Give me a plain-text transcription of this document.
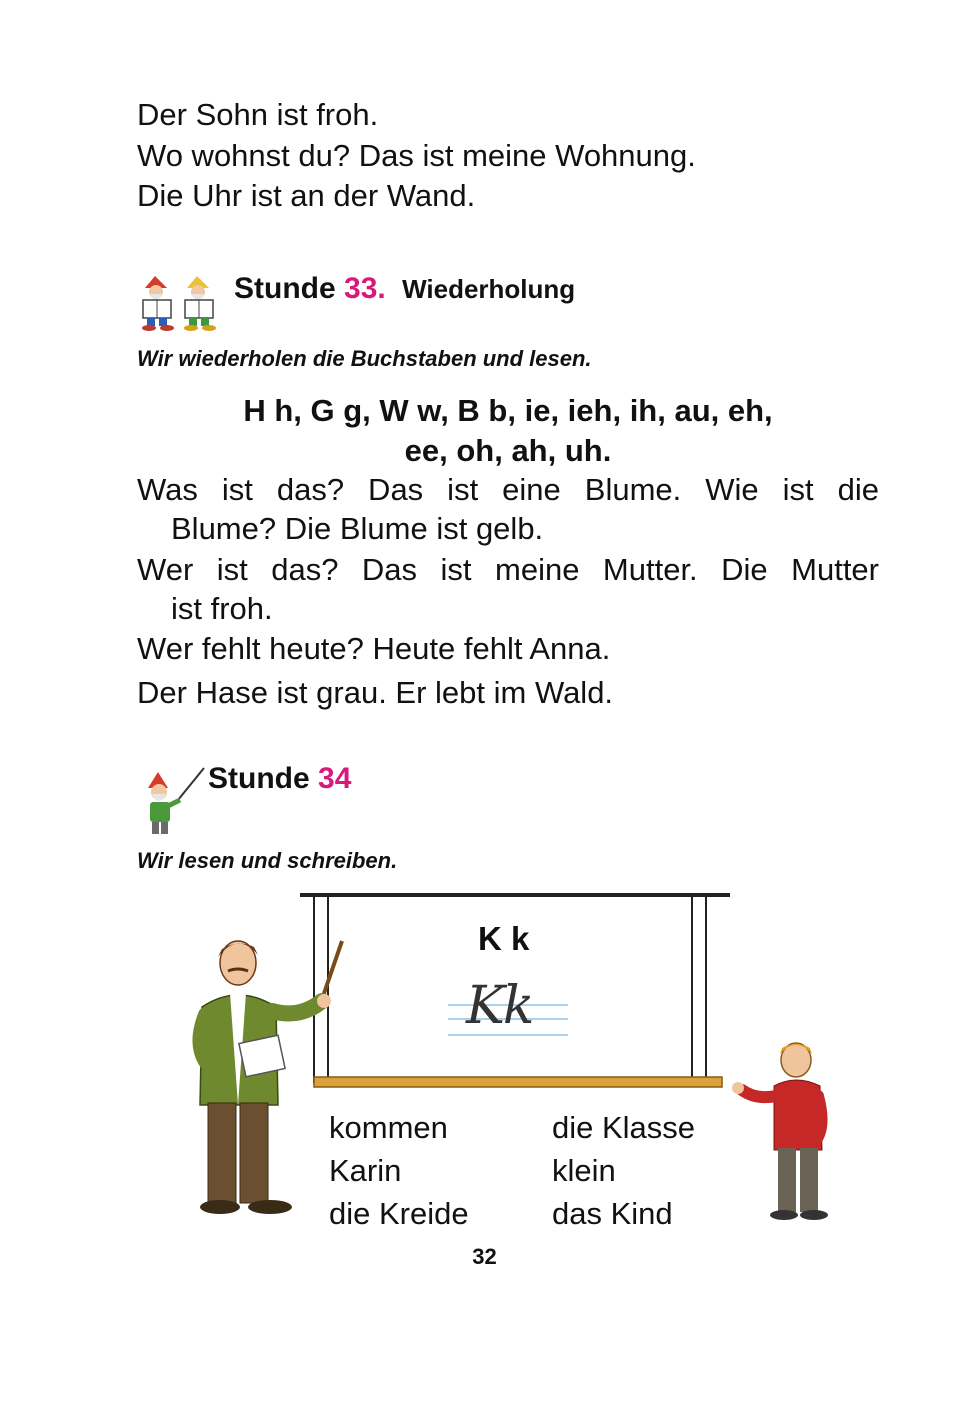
Der Sohn ist froh.
Wo wohnst du? Das ist meine Wohnung.
Die Uhr ist an der Wand.
Stunde 33. Wiederholung
Wir wiederholen die Buchstaben und lesen.
H h, G g, W w, B b, ie, ieh, ih, au, eh,
ee, oh, ah, uh.
Was ist das? Das ist eine Blume. Wie ist die
Blume? Die Blume ist gelb.
Wer ist das? Das ist meine Mutter. Die Mutter
ist froh.
Wer fehlt heute? Heute fehlt Anna.
Der Hase ist grau. Er lebt im Wald.
Stunde 34
Wir lesen und schreiben.
K k
Kk
kommen
Karin
die Kreide
die Klasse
klein
das Kind
32
